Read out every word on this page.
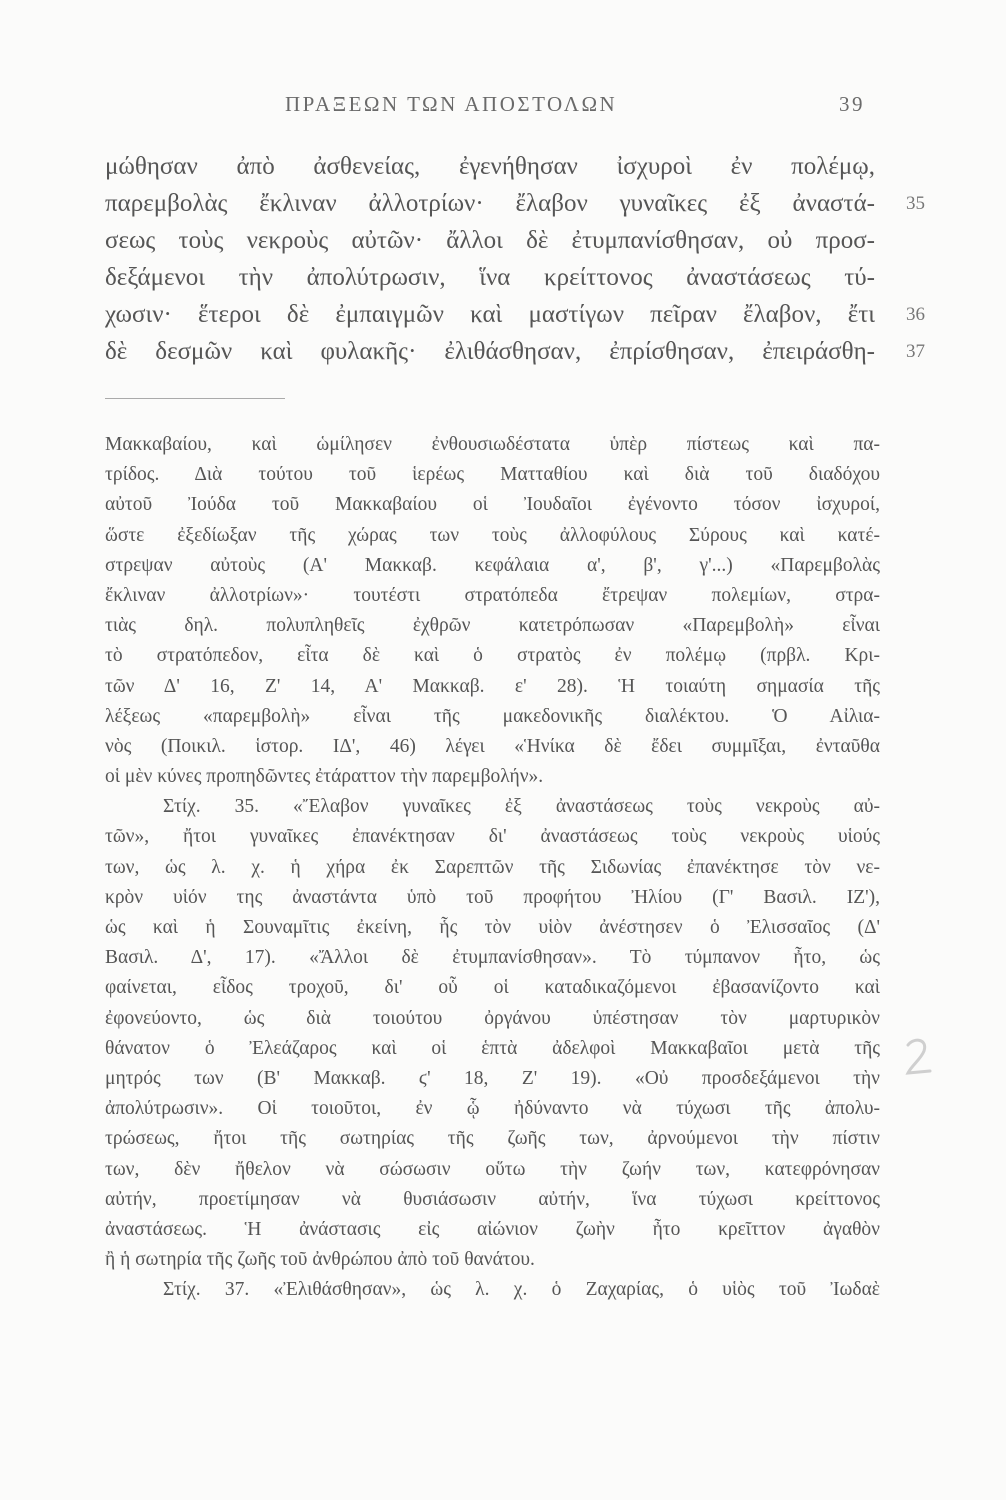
ΠΡΑΞΕΩΝ ΤΩΝ ΑΠΟΣΤΟΛΩΝ	39
μώθησαν ἀπὸ ἀσθενείας, ἐγενήθησαν ἰσχυροὶ ἐν πολέμῳ,
παρεμβολὰς ἔκλιναν ἀλλοτρίων· ἔλαβον γυναῖκες ἐξ ἀναστά- 35
σεως τοὺς νεκροὺς αὐτῶν· ἄλλοι δὲ ἐτυμπανίσθησαν, οὐ προσ-
δεξάμενοι τὴν ἀπολύτρωσιν, ἵνα κρείττονος ἀναστάσεως τύ-
χωσιν· ἕτεροι δὲ ἐμπαιγμῶν καὶ μαστίγων πεῖραν ἔλαβον, ἔτι 36
δὲ δεσμῶν καὶ φυλακῆς· ἐλιθάσθησαν, ἐπρίσθησαν, ἐπειράσθη- 37
Μακκαβαίου, καὶ ὡμίλησεν ἐνθουσιωδέστατα ὑπὲρ πίστεως καὶ πα-
τρίδος. Διὰ τούτου τοῦ ἱερέως Ματταθίου καὶ διὰ τοῦ διαδόχου
αὐτοῦ Ἰούδα τοῦ Μακκαβαίου οἱ Ἰουδαῖοι ἐγένοντο τόσον ἰσχυροί,
ὥστε ἐξεδίωξαν τῆς χώρας των τοὺς ἀλλοφύλους Σύρους καὶ κατέ-
στρεψαν αὐτοὺς (Α' Μακκαβ. κεφάλαια α', β', γ'...) «Παρεμβολὰς
ἔκλιναν ἀλλοτρίων»· τουτέστι στρατόπεδα ἔτρεψαν πολεμίων, στρα-
τιὰς δηλ. πολυπληθεῖς ἐχθρῶν κατετρόπωσαν «Παρεμβολὴ» εἶναι
τὸ στρατόπεδον, εἶτα δὲ καὶ ὁ στρατὸς ἐν πολέμῳ (πρβλ. Κρι-
τῶν Δ' 16, Ζ' 14, Α' Μακκαβ. ε' 28). Ἡ τοιαύτη σημασία τῆς
λέξεως «παρεμβολὴ» εἶναι τῆς μακεδονικῆς διαλέκτου. Ὁ Αἰλια-
νὸς (Ποικιλ. ἱστορ. ΙΔ', 46) λέγει «Ἡνίκα δὲ ἔδει συμμῖξαι, ἐνταῦθα
οἱ μὲν κύνες προπηδῶντες ἐτάραττον τὴν παρεμβολήν».
Στίχ. 35. «Ἔλαβον γυναῖκες ἐξ ἀναστάσεως τοὺς νεκροὺς αὐ-
τῶν», ἤτοι γυναῖκες ἐπανέκτησαν δι' ἀναστάσεως τοὺς νεκροὺς υἱούς
των, ὡς λ. χ. ἡ χήρα ἐκ Σαρεπτῶν τῆς Σιδωνίας ἐπανέκτησε τὸν νε-
κρὸν υἱόν της ἀναστάντα ὑπὸ τοῦ προφήτου Ἠλίου (Γ' Βασιλ. ΙΖ'),
ὡς καὶ ἡ Σουναμῖτις ἐκείνη, ἧς τὸν υἱὸν ἀνέστησεν ὁ Ἐλισσαῖος (Δ'
Βασιλ. Δ', 17). «Ἄλλοι δὲ ἐτυμπανίσθησαν». Τὸ τύμπανον ἦτο, ὡς
φαίνεται, εἶδος τροχοῦ, δι' οὗ οἱ καταδικαζόμενοι ἐβασανίζοντο καὶ
ἐφονεύοντο, ὡς διὰ τοιούτου ὀργάνου ὑπέστησαν τὸν μαρτυρικὸν
θάνατον ὁ Ἐλεάζαρος καὶ οἱ ἑπτὰ ἀδελφοὶ Μακκαβαῖοι μετὰ τῆς
μητρός των (Β' Μακκαβ. ϛ' 18, Ζ' 19). «Οὐ προσδεξάμενοι τὴν
ἀπολύτρωσιν». Οἱ τοιοῦτοι, ἐν ᾧ ἠδύναντο νὰ τύχωσι τῆς ἀπολυ-
τρώσεως, ἤτοι τῆς σωτηρίας τῆς ζωῆς των, ἀρνούμενοι τὴν πίστιν
των, δὲν ἤθελον νὰ σώσωσιν οὕτω τὴν ζωήν των, κατεφρόνησαν
αὐτήν, προετίμησαν νὰ θυσιάσωσιν αὐτήν, ἵνα τύχωσι κρείττονος
ἀναστάσεως. Ἡ ἀνάστασις εἰς αἰώνιον ζωὴν ἦτο κρεῖττον ἀγαθὸν
ἢ ἡ σωτηρία τῆς ζωῆς τοῦ ἀνθρώπου ἀπὸ τοῦ θανάτου.
Στίχ. 37. «Ἐλιθάσθησαν», ὡς λ. χ. ὁ Ζαχαρίας, ὁ υἱὸς τοῦ Ἰωδαὲ
